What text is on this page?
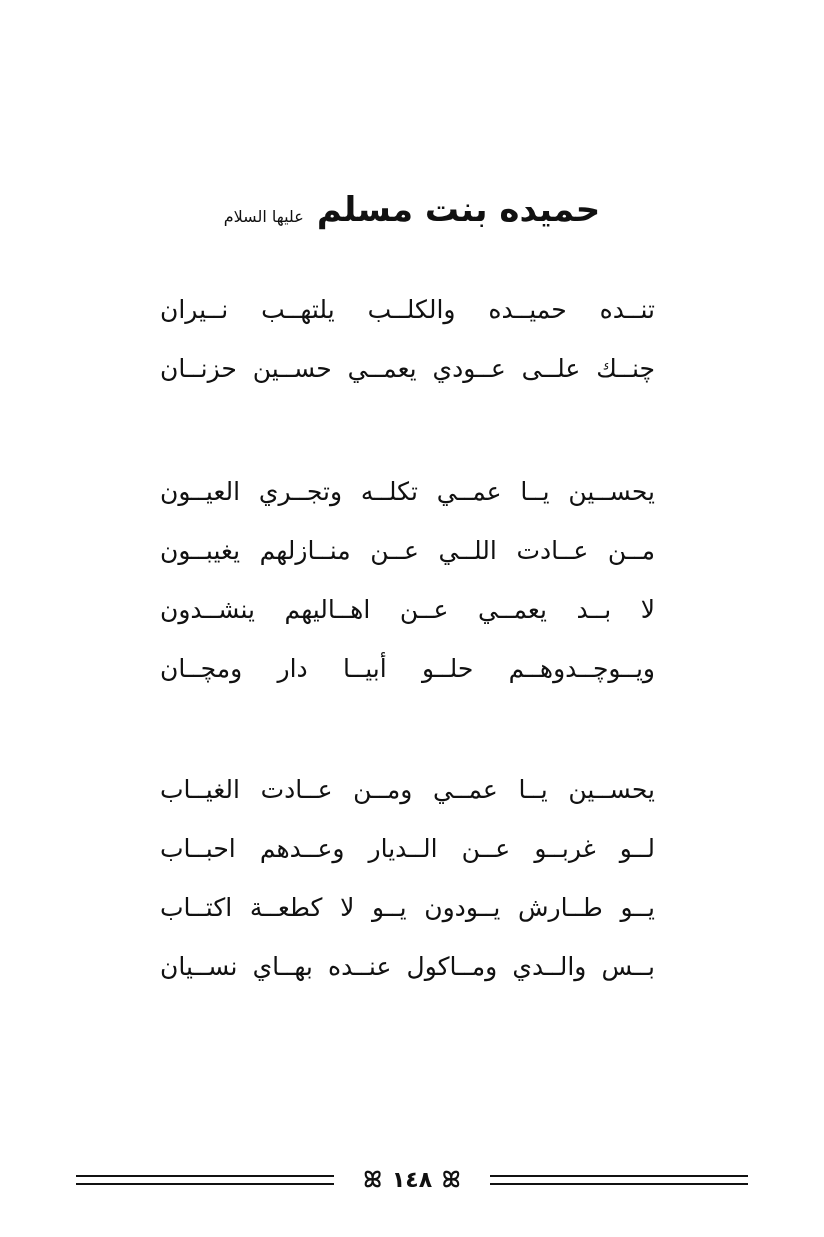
حميده بنت مسلم عليها السلام
تنــده حميــده والكلــب يلتهــب نــيران
چنــك علــى عــودي يعمــي حســين حزنــان
يحســين يــا عمــي تكلــه وتجــري العيــون
مــن عــادت اللــي عــن منــازلهم يغيبــون
لا بــد يعمــي عــن اهــاليهم ينشــدون
ويــوچــدوهــم حلــو أبيــا دار ومچــان
يحســين يــا عمــي ومــن عــادت الغيــاب
لــو غربــو عــن الــديار وعــدهم احبــاب
يــو طــارش يــودون يــو لا كطعــة اكتــاب
بــس والــدي ومــاكول عنــده بهــاي نســيان
ꕤ ١٤٨ ꕤ
